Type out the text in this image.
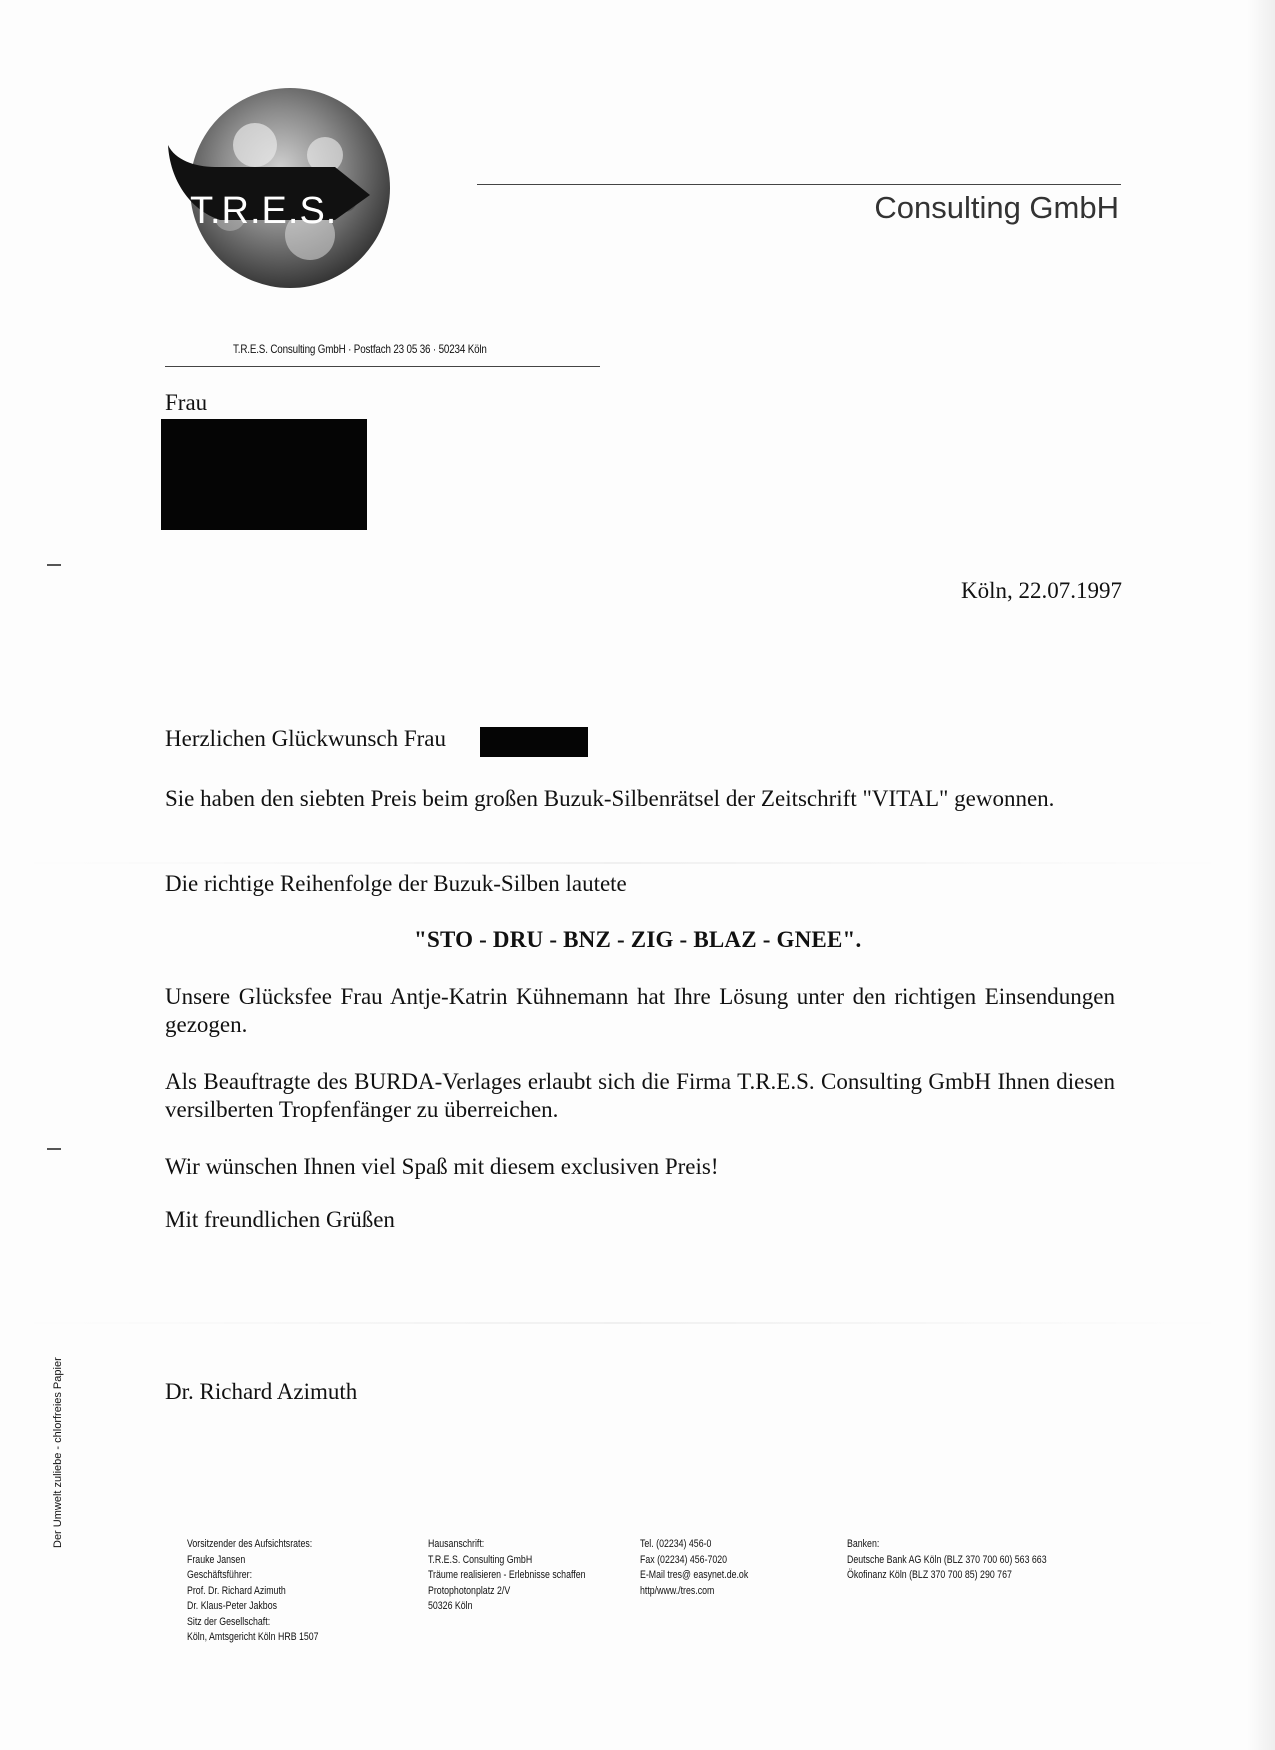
T.R.E.S.	Consulting GmbH
T.R.E.S. Consulting GmbH · Postfach 23 05 36 · 50234 Köln
Frau
Köln, 22.07.1997
Herzlichen Glückwunsch Frau
Sie haben den siebten Preis beim großen Buzuk-Silbenrätsel der Zeitschrift "VITAL" gewonnen.
Die richtige Reihenfolge der Buzuk-Silben lautete
"STO - DRU - BNZ - ZIG - BLAZ - GNEE".
Unsere Glücksfee Frau Antje-Katrin Kühnemann hat Ihre Lösung unter den richtigen Einsendungen gezogen.
Als Beauftragte des BURDA-Verlages erlaubt sich die Firma T.R.E.S. Consulting GmbH Ihnen diesen versilberten Tropfenfänger zu überreichen.
Wir wünschen Ihnen viel Spaß mit diesem exclusiven Preis!
Mit freundlichen Grüßen
Dr. Richard Azimuth
Der Umwelt zuliebe - chlorfreies Papier	Vorsitzender des Aufsichtsrates:
Frauke Jansen
Geschäftsführer:
Prof. Dr. Richard Azimuth
Dr. Klaus-Peter Jakbos
Sitz der Gesellschaft:
Köln, Amtsgericht Köln HRB 1507
Hausanschrift:
T.R.E.S. Consulting GmbH
Träume realisieren - Erlebnisse schaffen
Protophotonplatz 2/V
50326 Köln
Tel. (02234) 456-0
Fax (02234) 456-7020
E-Mail tres@ easynet.de.ok
http/www./tres.com
Banken:
Deutsche Bank AG Köln (BLZ 370 700 60) 563 663
Ökofinanz Köln (BLZ 370 700 85) 290 767
